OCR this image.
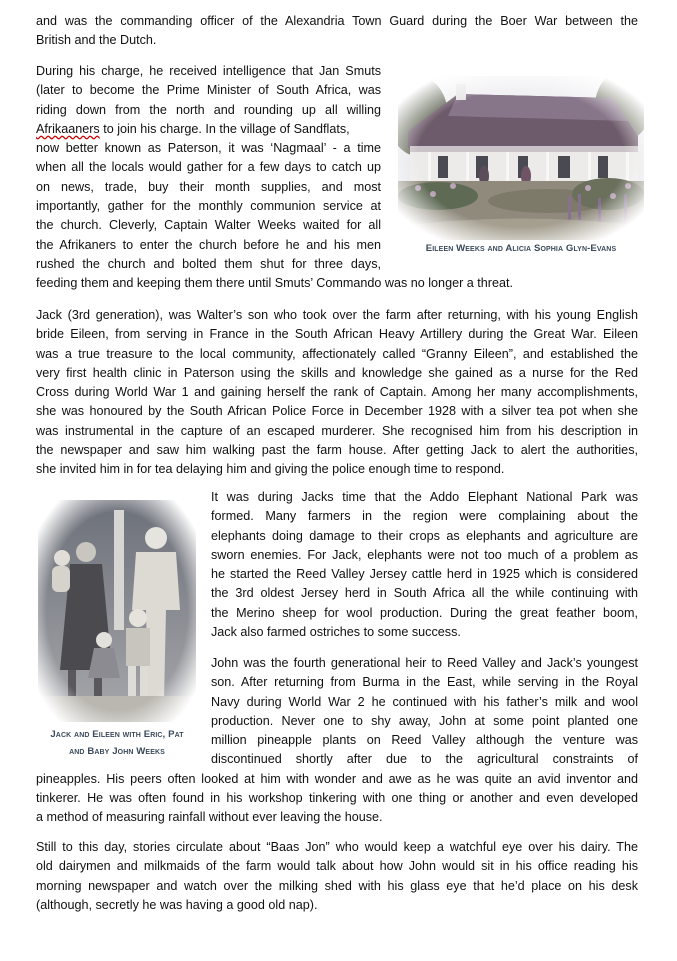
and was the commanding officer of the Alexandria Town Guard during the Boer War between the
British and the Dutch.

During his charge, he received intelligence that Jan Smuts
(later to become the Prime Minister of South Africa, was
riding down from the north and rounding up all willing
Afrikaaners to join his charge. In the village of Sandflats,
now better known as Paterson, it was ‘Nagmaal’ - a time
when all the locals would gather for a few days to catch up
on news, trade, buy their month supplies, and most
importantly, gather for the monthly communion service at
the church. Cleverly, Captain Walter Weeks waited for all
the Afrikaners to enter the church before he and his men
rushed the church and bolted them shut for three days,
feeding them and keeping them there until Smuts’ Commando was no longer a threat.

Eileen Weeks and Alicia Sophia Glyn-Evans

Jack (3rd generation), was Walter’s son who took over the farm after returning, with his young English
bride Eileen, from serving in France in the South African Heavy Artillery during the Great War. Eileen
was a true treasure to the local community, affectionately called “Granny Eileen”, and established the
very first health clinic in Paterson using the skills and knowledge she gained as a nurse for the Red
Cross during World War 1 and gaining herself the rank of Captain. Among her many accomplishments,
she was honoured by the South African Police Force in December 1928 with a silver tea pot when she
was instrumental in the capture of an escaped murderer. She recognised him from his description in
the newspaper and saw him walking past the farm house. After getting Jack to alert the authorities,
she invited him in for tea delaying him and giving the police enough time to respond.

Jack and Eileen with Eric, Pat
and Baby John Weeks

It was during Jacks time that the Addo Elephant National Park was
formed. Many farmers in the region were complaining about the
elephants doing damage to their crops as elephants and agriculture are
sworn enemies. For Jack, elephants were not too much of a problem as
he started the Reed Valley Jersey cattle herd in 1925 which is considered
the 3rd oldest Jersey herd in South Africa all the while continuing with
the Merino sheep for wool production. During the great feather boom,
Jack also farmed ostriches to some success.

John was the fourth generational heir to Reed Valley and Jack’s youngest
son. After returning from Burma in the East, while serving in the Royal
Navy during World War 2 he continued with his father’s milk and wool
production. Never one to shy away, John at some point planted one
million pineapple plants on Reed Valley although the venture was
discontinued shortly after due to the agricultural constraints of
pineapples. His peers often looked at him with wonder and awe as he was quite an avid inventor and
tinkerer. He was often found in his workshop tinkering with one thing or another and even developed
a method of measuring rainfall without ever leaving the house.

Still to this day, stories circulate about “Baas Jon” who would keep a watchful eye over his dairy. The
old dairymen and milkmaids of the farm would talk about how John would sit in his office reading his
morning newspaper and watch over the milking shed with his glass eye that he’d place on his desk
(although, secretly he was having a good old nap).
